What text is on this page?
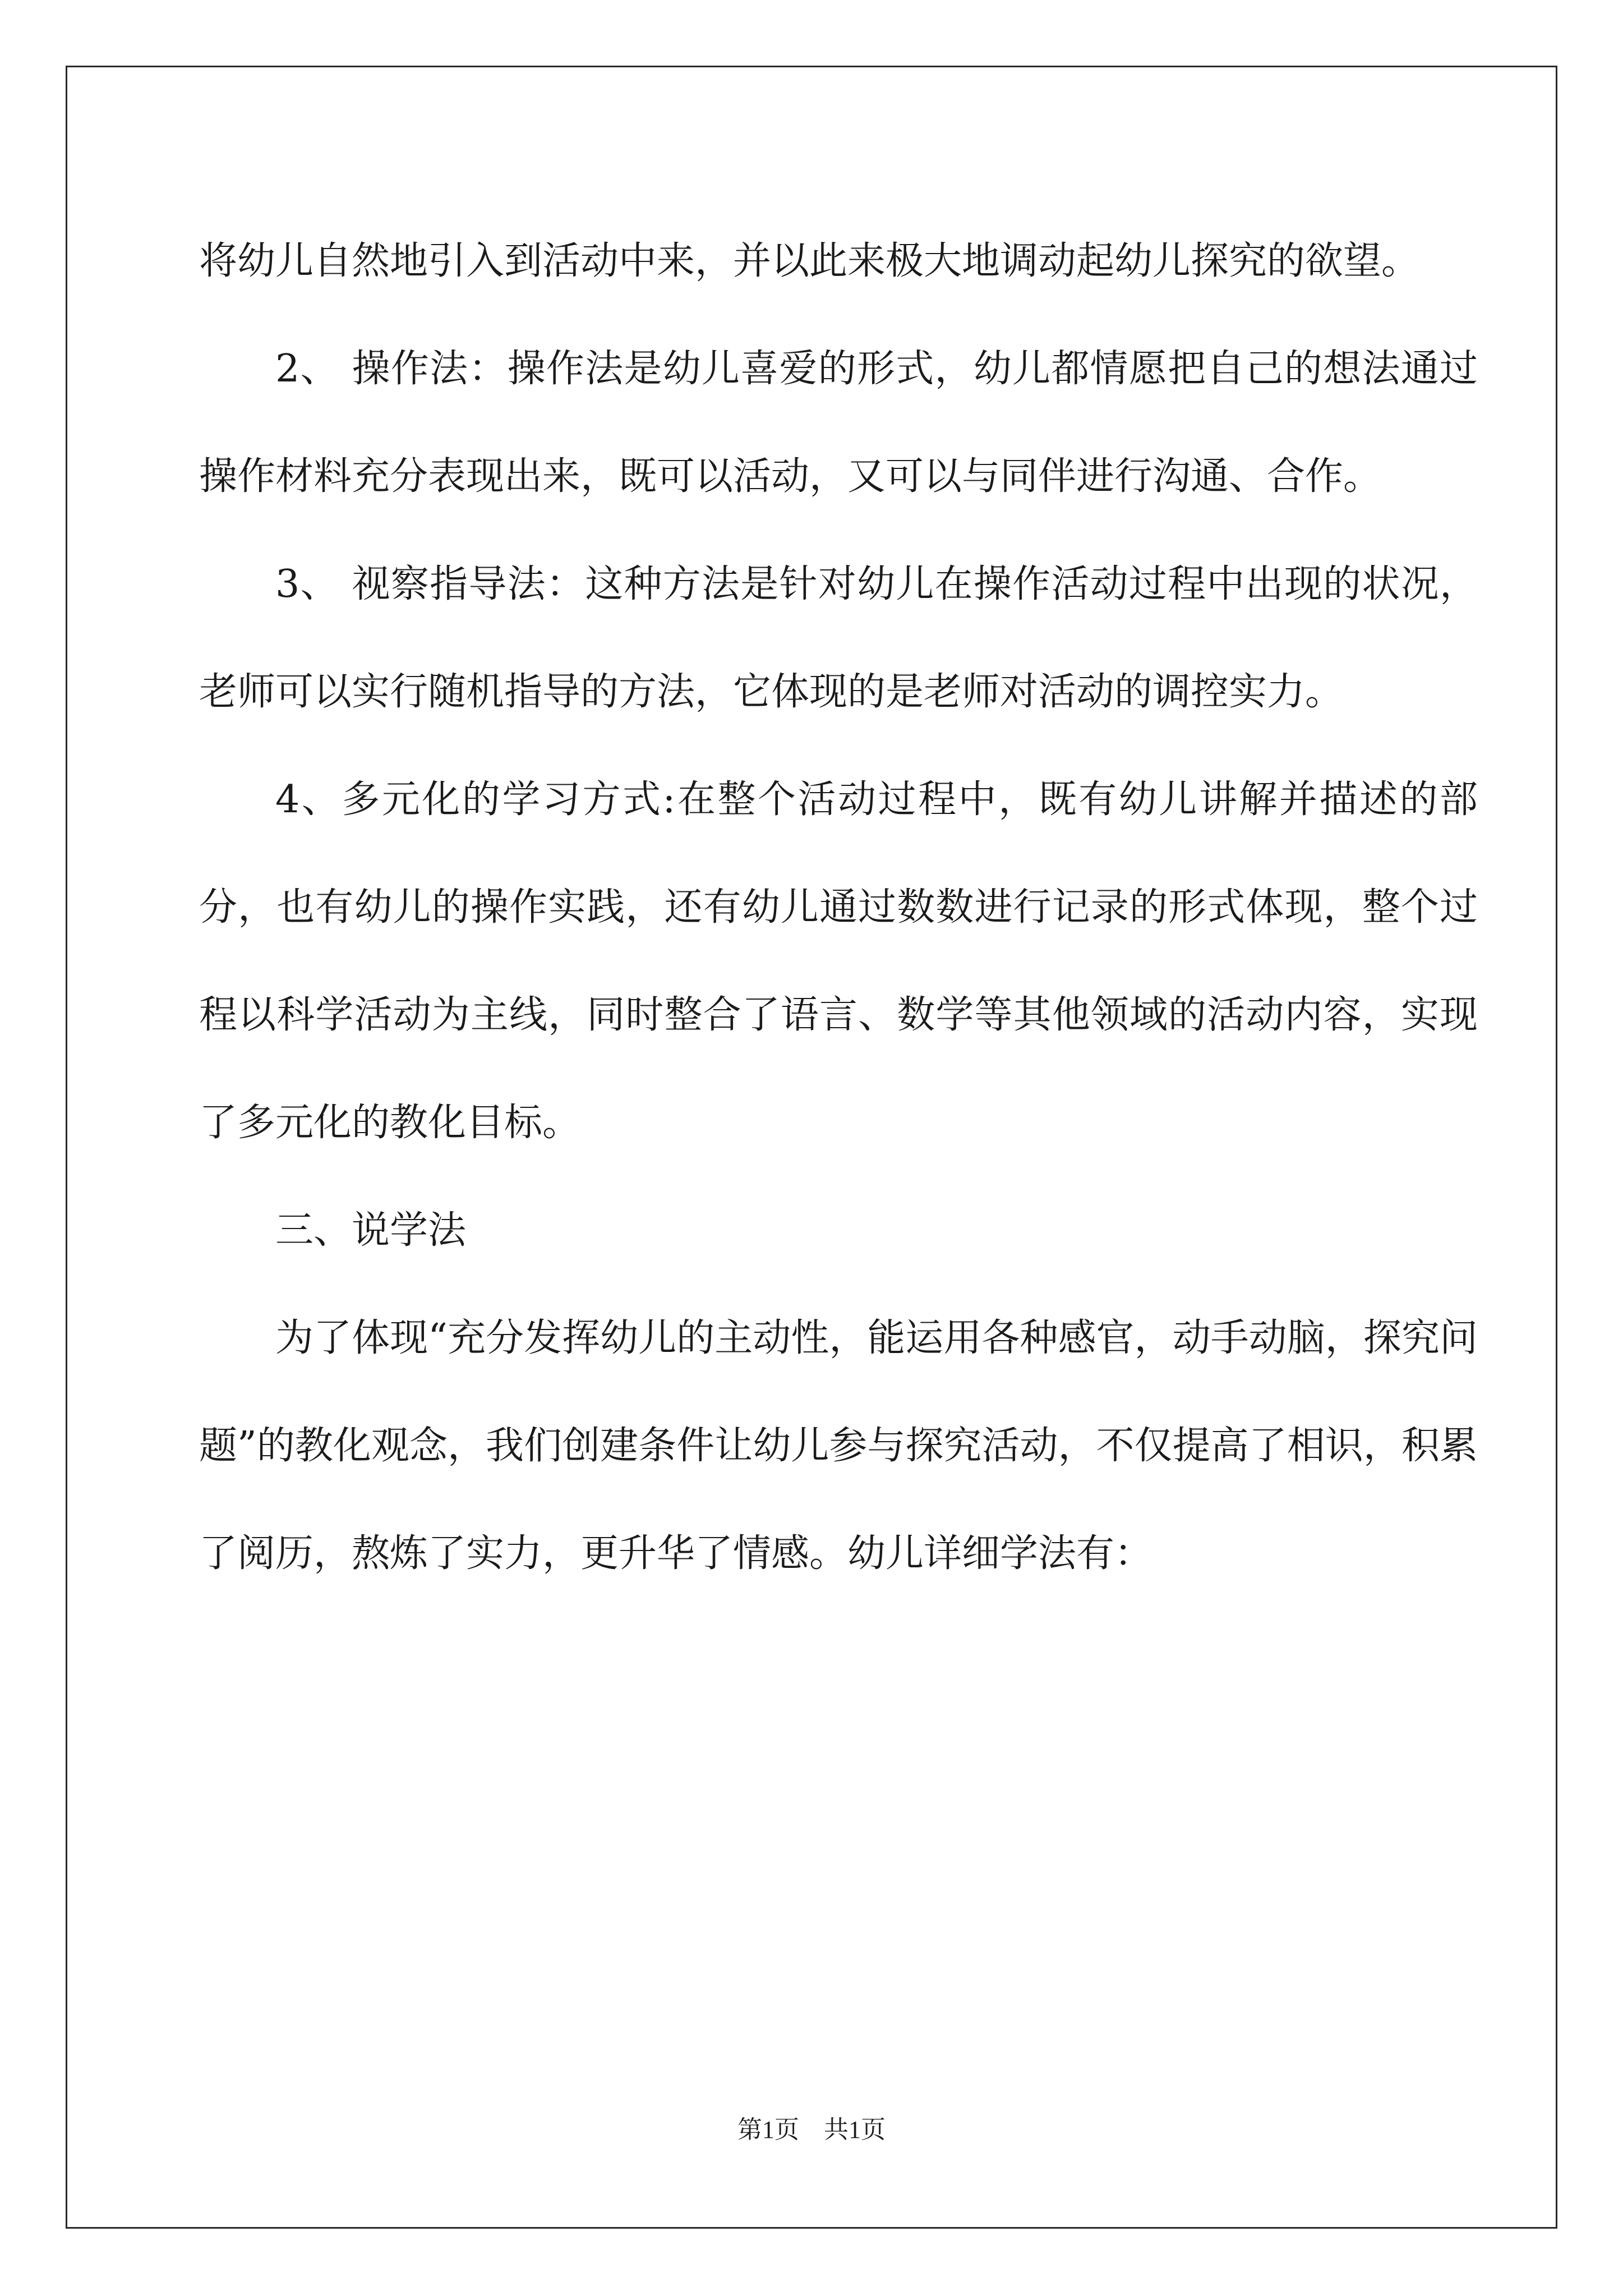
将幼儿自然地引入到活动中来，并以此来极大地调动起幼儿探究的欲望。

2、 操作法：操作法是幼儿喜爱的形式，幼儿都情愿把自己的想法通过操作材料充分表现出来，既可以活动，又可以与同伴进行沟通、合作。

3、 视察指导法：这种方法是针对幼儿在操作活动过程中出现的状况，老师可以实行随机指导的方法，它体现的是老师对活动的调控实力。

4、多元化的学习方式:在整个活动过程中，既有幼儿讲解并描述的部分，也有幼儿的操作实践，还有幼儿通过数数进行记录的形式体现，整个过程以科学活动为主线，同时整合了语言、数学等其他领域的活动内容，实现了多元化的教化目标。

三、说学法

为了体现“充分发挥幼儿的主动性，能运用各种感官，动手动脑，探究问题”的教化观念，我们创建条件让幼儿参与探究活动，不仅提高了相识，积累了阅历，熬炼了实力，更升华了情感。幼儿详细学法有：

第1页 共1页
